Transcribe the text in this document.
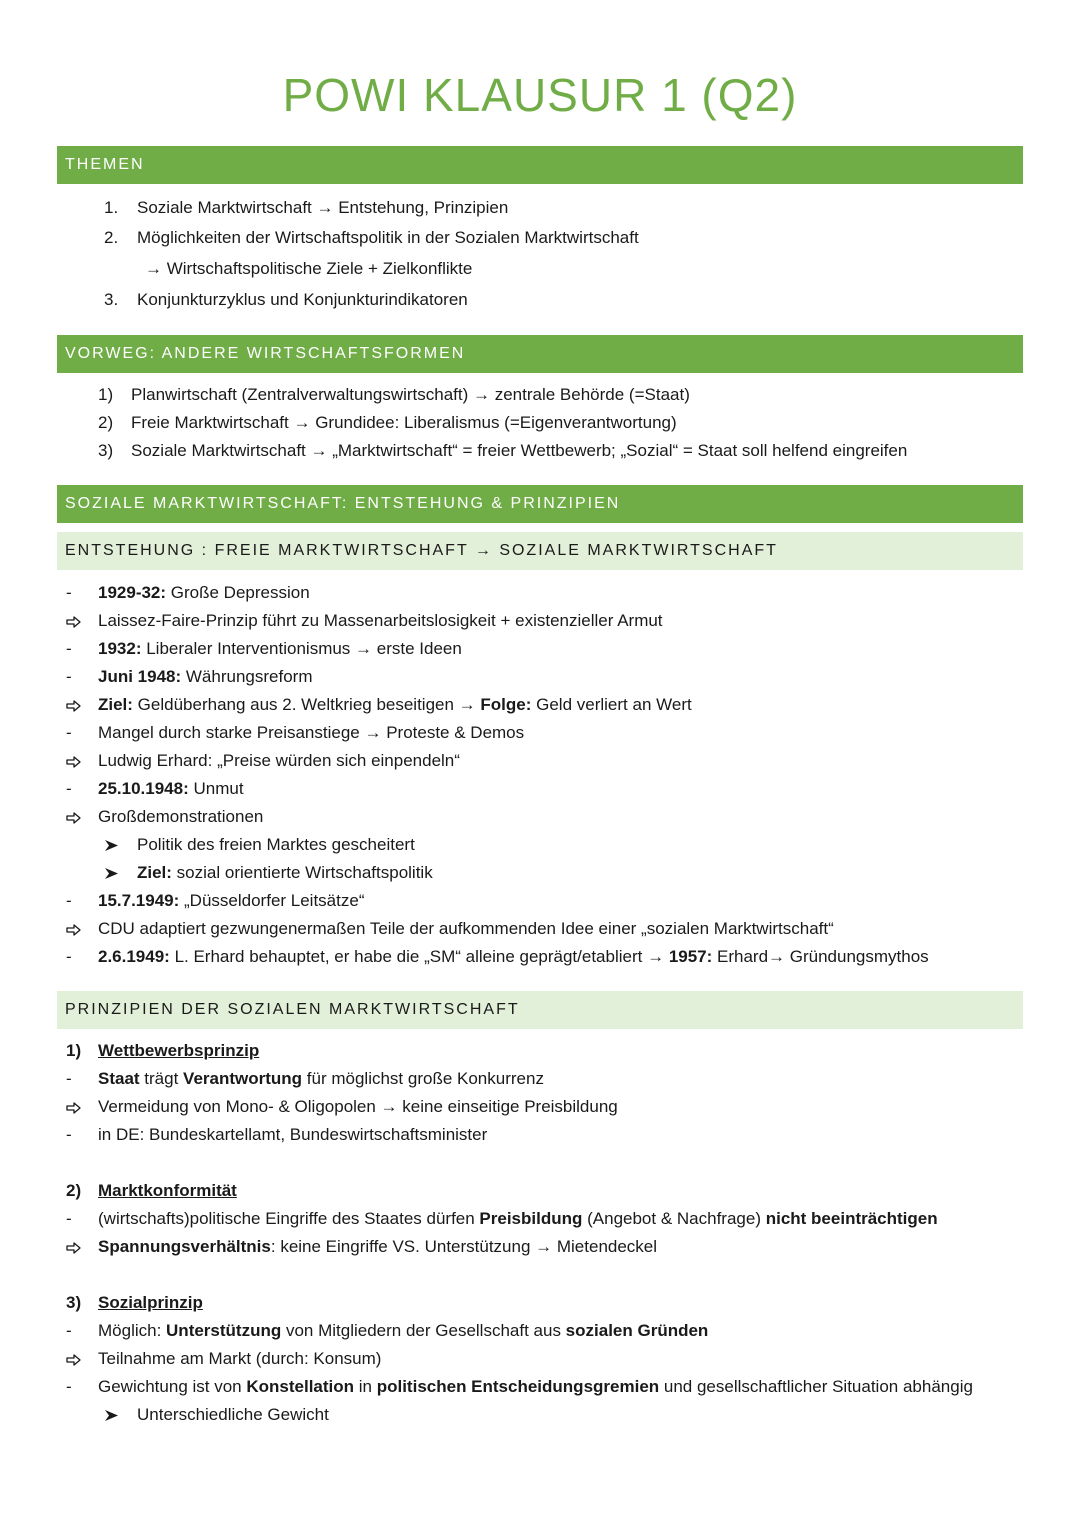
POWI KLAUSUR 1 (Q2)
THEMEN
1. Soziale Marktwirtschaft → Entstehung, Prinzipien
2. Möglichkeiten der Wirtschaftspolitik in der Sozialen Marktwirtschaft
→ Wirtschaftspolitische Ziele + Zielkonflikte
3. Konjunkturzyklus und Konjunkturindikatoren
VORWEG: ANDERE WIRTSCHAFTSFORMEN
1) Planwirtschaft (Zentralverwaltungswirtschaft) → zentrale Behörde (=Staat)
2) Freie Marktwirtschaft → Grundidee: Liberalismus (=Eigenverantwortung)
3) Soziale Marktwirtschaft → „Marktwirtschaft“ = freier Wettbewerb; „Sozial“ = Staat soll helfend eingreifen
SOZIALE MARKTWIRTSCHAFT: ENTSTEHUNG & PRINZIPIEN
ENTSTEHUNG : FREIE MARKTWIRTSCHAFT → SOZIALE MARKTWIRTSCHAFT
-	1929-32: Große Depression
Laissez-Faire-Prinzip führt zu Massenarbeitslosigkeit + existenzieller Armut
-	1932: Liberaler Interventionismus → erste Ideen
-	Juni 1948: Währungsreform
Ziel: Geldüberhang aus 2. Weltkrieg beseitigen → Folge: Geld verliert an Wert
-	Mangel durch starke Preisanstiege → Proteste & Demos
Ludwig Erhard: „Preise würden sich einpendeln“
-	25.10.1948: Unmut
Großdemonstrationen
Politik des freien Marktes gescheitert
Ziel: sozial orientierte Wirtschaftspolitik
-	15.7.1949: „Düsseldorfer Leitsätze“
CDU adaptiert gezwungenermaßen Teile der aufkommenden Idee einer „sozialen Marktwirtschaft“
-	2.6.1949: L. Erhard behauptet, er habe die „SM“ alleine geprägt/etabliert → 1957: Erhard→ Gründungsmythos
PRINZIPIEN DER SOZIALEN MARKTWIRTSCHAFT
1) Wettbewerbsprinzip
-	Staat trägt Verantwortung für möglichst große Konkurrenz
Vermeidung von Mono- & Oligopolen → keine einseitige Preisbildung
-	in DE: Bundeskartellamt, Bundeswirtschaftsminister
2) Marktkonformität
-	(wirtschafts)politische Eingriffe des Staates dürfen Preisbildung (Angebot & Nachfrage) nicht beeinträchtigen
Spannungsverhältnis: keine Eingriffe VS. Unterstützung → Mietendeckel
3) Sozialprinzip
-	Möglich: Unterstützung von Mitgliedern der Gesellschaft aus sozialen Gründen
Teilnahme am Markt (durch: Konsum)
-	Gewichtung ist von Konstellation in politischen Entscheidungsgremien und gesellschaftlicher Situation abhängig
Unterschiedliche Gewicht
